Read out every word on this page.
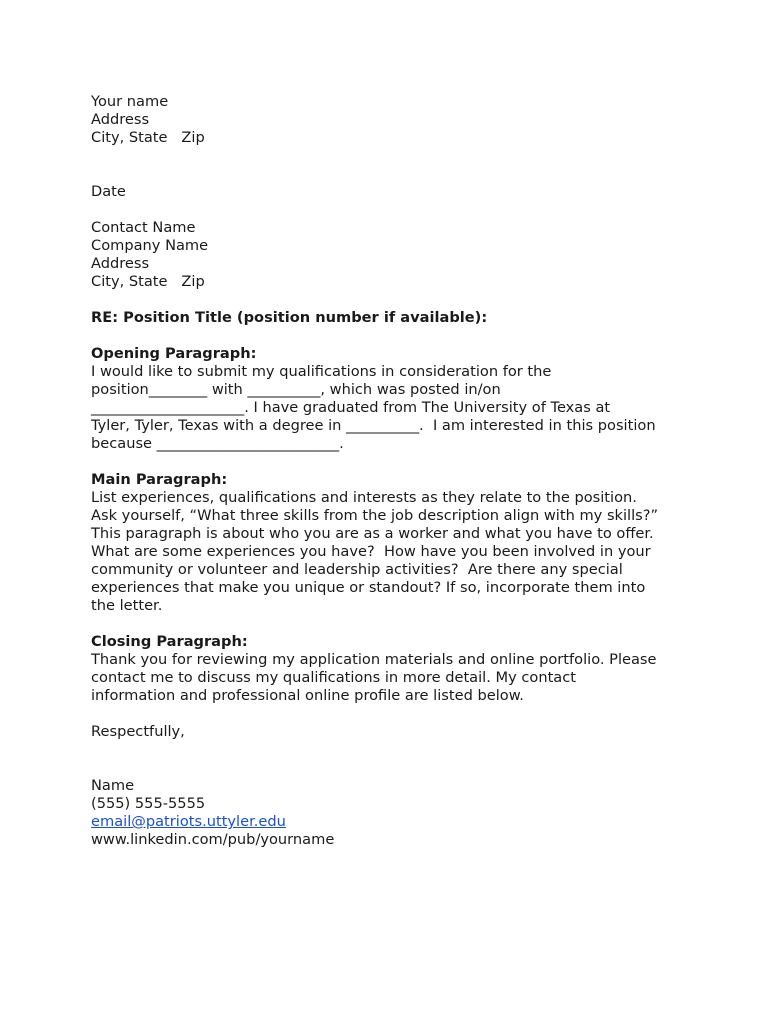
Your name
Address
City, State   Zip
Date
Contact Name
Company Name
Address
City, State   Zip
RE: Position Title (position number if available):
Opening Paragraph:
I would like to submit my qualifications in consideration for the
position________ with __________, which was posted in/on
_____________________. I have graduated from The University of Texas at
Tyler, Tyler, Texas with a degree in __________.  I am interested in this position
because _________________________.
Main Paragraph:
List experiences, qualifications and interests as they relate to the position.
Ask yourself, “What three skills from the job description align with my skills?”
This paragraph is about who you are as a worker and what you have to offer.
What are some experiences you have?  How have you been involved in your
community or volunteer and leadership activities?  Are there any special
experiences that make you unique or standout? If so, incorporate them into
the letter.
Closing Paragraph:
Thank you for reviewing my application materials and online portfolio. Please
contact me to discuss my qualifications in more detail. My contact
information and professional online profile are listed below.
Respectfully,
Name
(555) 555-5555
email@patriots.uttyler.edu
www.linkedin.com/pub/yourname
